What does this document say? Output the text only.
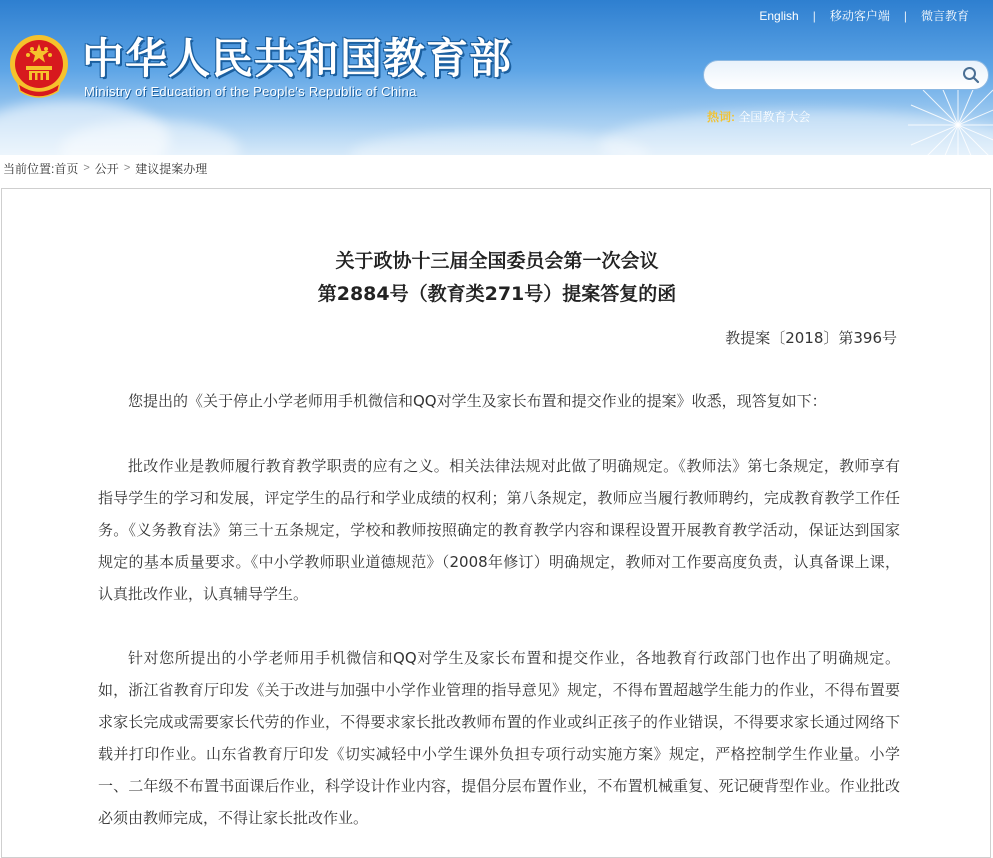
中华人民共和国教育部
Ministry of Education of the People's Republic of China
English | 移动客户端 | 微言教育
热词: 全国教育大会
当前位置: 首页 > 公开 > 建议提案办理
关于政协十三届全国委员会第一次会议
第2884号（教育类271号）提案答复的函
教提案〔2018〕第396号

您提出的《关于停止小学老师用手机微信和QQ对学生及家长布置和提交作业的提案》收悉，现答复如下：

批改作业是教师履行教育教学职责的应有之义。相关法律法规对此做了明确规定。《教师法》第七条规定，教师享有指导学生的学习和发展，评定学生的品行和学业成绩的权利；第八条规定，教师应当履行教师聘约，完成教育教学工作任务。《义务教育法》第三十五条规定，学校和教师按照确定的教育教学内容和课程设置开展教育教学活动，保证达到国家规定的基本质量要求。《中小学教师职业道德规范》（2008年修订）明确规定，教师对工作要高度负责，认真备课上课，认真批改作业，认真辅导学生。

针对您所提出的小学老师用手机微信和QQ对学生及家长布置和提交作业，各地教育行政部门也作出了明确规定。如，浙江省教育厅印发《关于改进与加强中小学作业管理的指导意见》规定，不得布置超越学生能力的作业，不得布置要求家长完成或需要家长代劳的作业，不得要求家长批改教师布置的作业或纠正孩子的作业错误，不得要求家长通过网络下载并打印作业。山东省教育厅印发《切实减轻中小学生课外负担专项行动实施方案》规定，严格控制学生作业量。小学一、二年级不布置书面课后作业，科学设计作业内容，提倡分层布置作业，不布置机械重复、死记硬背型作业。作业批改必须由教师完成，不得让家长批改作业。
